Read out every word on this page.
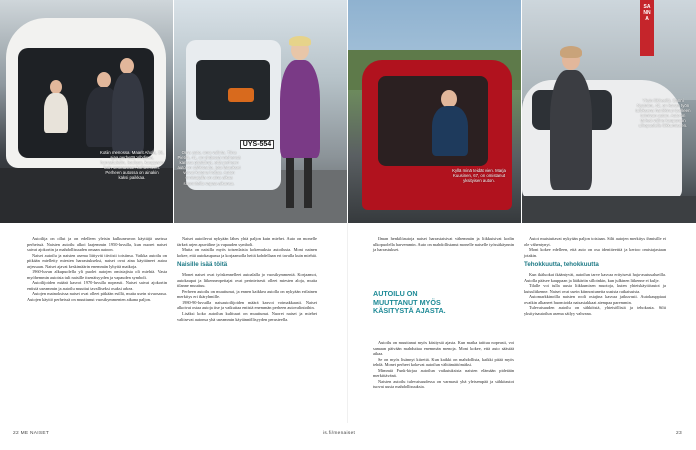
Kotiin menossa. Maarit Ahola, 38, ajaa perhettä Vihdissä, harrastuksiin, kouluun, kauppaan kuin seuraavaan kohteeseen. Perheen autossa on ainakin kaksi paikkaa.
UYS-554
Oma auto, oma valinta. Tiina Pietilä, 41, on yhdessä miehensä kanssa päättänyt, että perheen auto on sähköauto, jota lataukset voivat kotona hoitaa. Auton omistajalla on aina aikaa suunnitella vapaa-aikansa.
Kyllä minä teidät vien. Marja Kuusinen, 67, on omistanut yksityisen auton.
SANNA
Yksin liikkeellä. Sanni Nyström, 42, on kovan työn tuloksena hankkinut itselleen toimivan auton. Auto on tärkeä väline kaupungin ulkopuolelle liikkumiseen.

Autoilija on ollut ja on edelleen yleisin kulkuneuvon käyttäjä useissa perheissä. Naisten autoilu alkoi laajemmin 1950-luvulla, kun nuoret naiset saivat ajokortin ja mahdollisuuden omaan autoon.

Naiset autoilu ja naisten asema liittyvät tiiviisti toisiinsa. Vaikka autoilu on pitkään mielletty miesten harrastukseksi, naiset ovat aina käyttäneet autoa arjessaan. Naiset ajavat keskimäärin enemmän lyhyitä matkoja.

1960-luvun alkupuolella yli puolet autojen omistajista oli miehiä. Vasta myöhemmin autoista tuli naisille itsenäisyyden ja vapauden symboli.

Autoilijoiden määrä kasvoi 1970-luvulla nopeasti. Naiset saivat ajokortin entistä useammin ja autoilu muuttui tavalliseksi osaksi arkea.

Autojen mainoksissa naiset ovat olleet pitkään esillä, mutta usein sivuosassa. Autojen käyttö perheissä on muuttunut vuosikymmenten aikana paljon.

Naiset autoilevat nykyään lähes yhtä paljon kuin miehet. Auto on monelle tärkeä arjen apuväline ja vapauden symboli.

Mutta on naisilla myös toisenlaisia kokemuksia autoilusta. Moni nainen kokee, että autokaupassa ja korjaamolla heitä kohdellaan eri tavalla kuin miehiä.

Naisille isää töitä

Monet naiset ovat työskennelleet autoalalla jo vuosikymmeniä. Korjaamot, autokaupat ja liikenneopettajat ovat perinteisesti olleet miesten aloja, mutta tilanne muuttuu.

Perheen autoilu on muuttunut, ja ennen kaikkea autolla on nykyään erilainen merkitys eri ikäryhmille.

1980-90-luvuilla naisautoilijoiden määrä kasvoi voimakkaasti. Naiset alkoivat ostaa autoja itse ja vaikuttaa entistä enemmän perheen autovalintoihin.

Lisäksi koko autoilun kulttuuri on muuttunut. Nuoret naiset ja miehet valitsevat autonsa yhä useammin käytännöllisyyden perusteella.

Ilman henkilöautoja naiset harrastaisivat vähemmän ja liikkuisivat kodin ulkopuolella harvemmin. Auto on mahdollistanut monelle naiselle työssäkäynnin ja harrastukset.

AUTOILU ON MUUTTANUT MYÖS KÄSITYSTÄ AJASTA.

Autoilu on muuttanut myös käsitystä ajasta. Kun matka taittuu nopeasti, voi samaan päivään mahduttaa enemmän menoja. Moni kokee, että auto säästää aikaa.

Se on myös lisännyt kiirettä. Kun kaikki on mahdollista, kaikki pitää myös tehdä. Monet perheet kokevat autoilun välttämättömäksi.

Mimmiä Funk-kirjaa autoilun vaikutuksista naisten elämään pidetään merkittävänä.

Naisten autoilu tulevaisuudessa on varmasti yhä yleisempää ja sähköautot tuovat uusia mahdollisuuksia.

Autot muistuttavat nykyään paljon toisiaan. Silti autojen merkitys ihmisille ei ole vähentynyt.

Moni kokee edelleen, että auto on osa identiteettiä ja kertoo omistajastaan jotakin.

Tehokkuutta, tehokkuutta

Kun ikäluokat ikääntyvät, autoilun tarve kasvaa erityisesti haja-asutusalueilla. Autolla pääsee kauppaan ja lääkäriin silloinkin, kun julkinen liikenne ei kulje.

Tilalle voi tulla uusia liikkumisen muotoja, kuten yhteiskäyttöautot ja kutsuliikenne. Naiset ovat usein kiinnostuneita uusista ratkaisuista.

Automarkkinoilla naisten rooli ostajina kasvaa jatkuvasti. Autokauppiaat ovatkin alkaneet huomioida naisasiakkaat aiempaa paremmin.

Tulevaisuuden autoilu on sähköistä, yhteisöllistä ja tehokasta. Silti yksityisautoilun asema säilyy vahvana.

22 ME NAISET	is.fi/menaiset	23
